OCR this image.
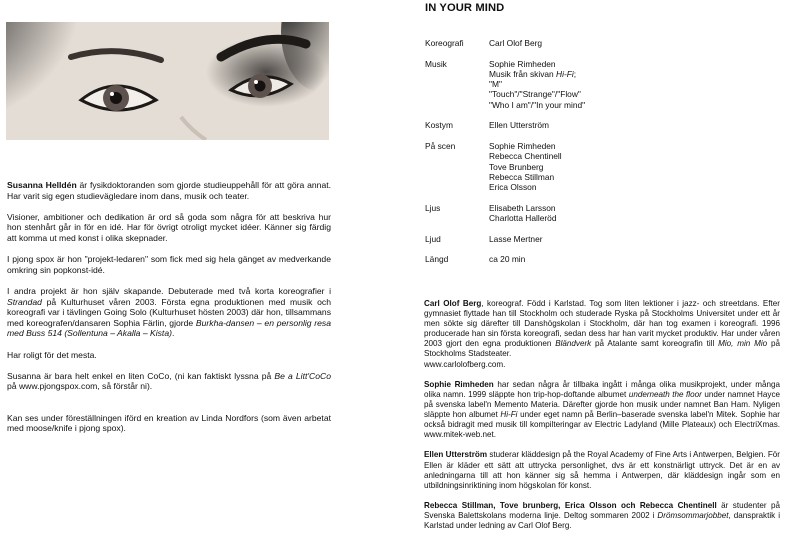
Susanna Helldén är fysikdoktoranden som gjorde studieuppehåll för att göra annat. Har varit sig egen studievägledare inom dans, musik och teater.

Visioner, ambitioner och dedikation är ord så goda som några för att beskriva hur hon stenhårt går in för en idé. Har för övrigt otroligt mycket idéer. Känner sig färdig att komma ut med konst i olika skepnader.

I pjong spox är hon "projekt-ledaren" som fick med sig hela gänget av medverkande omkring sin popkonst-idé.

I andra projekt är hon själv skapande. Debuterade med två korta koreografier i Strandad på Kulturhuset våren 2003. Första egna produktionen med musik och koreografi var i tävlingen Going Solo (Kulturhuset hösten 2003) där hon, tillsammans med koreografen/dansaren Sophia Färlin, gjorde Burkha-dansen – en personlig resa med Buss 514 (Sollentuna – Akalla – Kista).

Har roligt för det mesta.

Susanna är bara helt enkel en liten CoCo, (ni kan faktiskt lyssna på Be a Litt'CoCo på www.pjongspox.com, så förstår ni).

Kan ses under föreställningen iförd en kreation av Linda Nordfors (som även arbetat med moose/knife i pjong spox).

IN YOUR MIND
Koreografi	Carl Olof Berg
Musik	Sophie Rimheden
Musik från skivan Hi-Fi;
"M"
"Touch"/"Strange"/"Flow"
"Who I am"/"In your mind"
Kostym	Ellen Utterström
På scen	Sophie Rimheden
Rebecca Chentinell
Tove Brunberg
Rebecca Stillman
Erica Olsson
Ljus	Elisabeth Larsson
Charlotta Halleröd
Ljud	Lasse Mertner
Längd	ca 20 min

Carl Olof Berg, koreograf. Född i Karlstad. Tog som liten lektioner i jazz- och streetdans. Efter gymnasiet flyttade han till Stockholm och studerade Ryska på Stockholms Universitet under ett år men sökte sig därefter till Danshögskolan i Stockholm, där han tog examen i koreografi. 1996 producerade han sin första koreografi, sedan dess har han varit mycket produktiv. Har under våren 2003 gjort den egna produktionen Bländverk på Atalante samt koreografin till Mio, min Mio på Stockholms Stadsteater.
www.carlolofberg.com.

Sophie Rimheden har sedan några år tillbaka ingått i många olika musikprojekt, under många olika namn. 1999 släppte hon trip-hop-doftande albumet underneath the floor under namnet Hayce på svenska label'n Memento Materia. Därefter gjorde hon musik under namnet Ban Ham. Nyligen släppte hon albumet Hi-Fi under eget namn på Berlin–baserade svenska label'n Mitek. Sophie har också bidragit med musik till kompilteringar av Electric Ladyland (Mille Plateaux) och ElectriXmas. www.mitek-web.net.

Ellen Utterström studerar kläddesign på the Royal Academy of Fine Arts i Antwerpen, Belgien. För Ellen är kläder ett sätt att uttrycka personlighet, dvs är ett konstnärligt uttryck. Det är en av anledningarna till att hon känner sig så hemma i Antwerpen, där kläddesign ingår som en utbildningsinriktining inom högskolan för konst.

Rebecca Stillman, Tove brunberg, Erica Olsson och Rebecca Chentinell är studenter på Svenska Balettskolans moderna linje. Deltog sommaren 2002 i Drömsommarjobbet, danspraktik i Karlstad under ledning av Carl Olof Berg.
